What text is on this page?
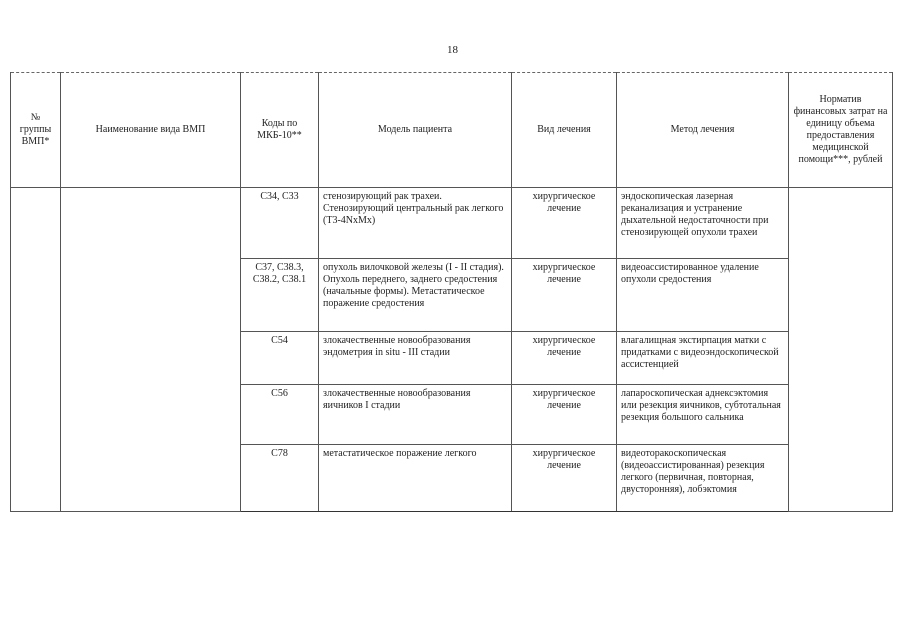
18
№ группы ВМП*	Наименование вида ВМП	Коды по МКБ-10**	Модель пациента	Вид лечения	Метод лечения	Норматив финансовых затрат на единицу объема предоставления медицинской помощи***, рублей
		С34, С33	стенозирующий рак трахеи. Стенозирующий центральный рак легкого (Т3-4NхMх)	хирургическое лечение	эндоскопическая лазерная реканализация и устранение дыхательной недостаточности при стенозирующей опухоли трахеи	
		С37, С38.3, С38.2, С38.1	опухоль вилочковой железы (I - II стадия). Опухоль переднего, заднего средостения (начальные формы). Метастатическое поражение средостения	хирургическое лечение	видеоассистированное удаление опухоли средостения	
		С54	злокачественные новообразования эндометрия in situ - III стадии	хирургическое лечение	влагалищная экстирпация матки с придатками с видеоэндоскопической ассистенцией	
		С56	злокачественные новообразования яичников I стадии	хирургическое лечение	лапароскопическая аднексэктомия или резекция яичников, субтотальная резекция большого сальника	
		С78	метастатическое поражение легкого	хирургическое лечение	видеоторакоскопическая (видеоассистированная) резекция легкого (первичная, повторная, двусторонняя), лобэктомия	
